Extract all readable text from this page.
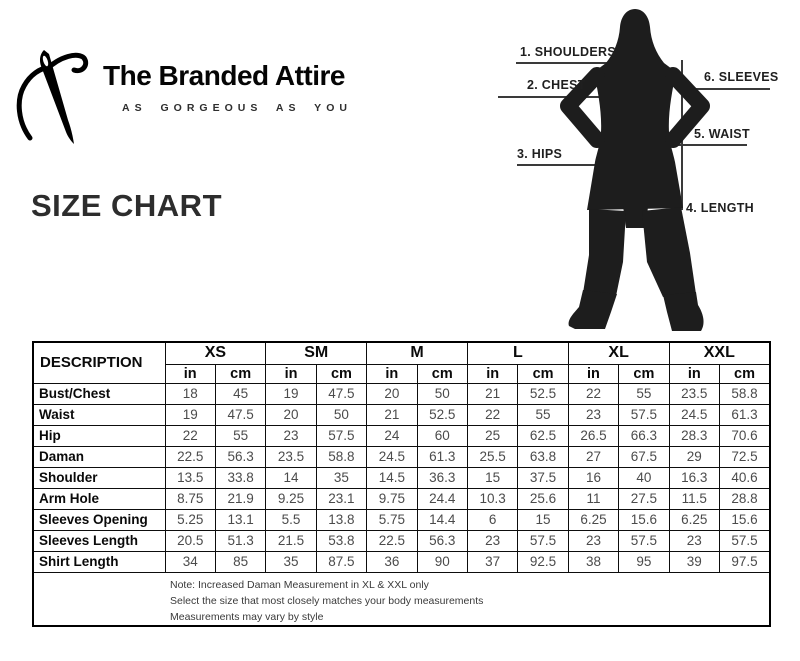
The Branded Attire
AS GORGEOUS AS YOU
SIZE CHART
1. SHOULDERS
2. CHEST
3. HIPS
4. LENGTH
5. WAIST
6. SLEEVES
DESCRIPTION	XS		SM		M		L		XL		XXL	
	in	cm	in	cm	in	cm	in	cm	in	cm	in	cm
Bust/Chest	18	45	19	47.5	20	50	21	52.5	22	55	23.5	58.8
Waist	19	47.5	20	50	21	52.5	22	55	23	57.5	24.5	61.3
Hip	22	55	23	57.5	24	60	25	62.5	26.5	66.3	28.3	70.6
Daman	22.5	56.3	23.5	58.8	24.5	61.3	25.5	63.8	27	67.5	29	72.5
Shoulder	13.5	33.8	14	35	14.5	36.3	15	37.5	16	40	16.3	40.6
Arm Hole	8.75	21.9	9.25	23.1	9.75	24.4	10.3	25.6	11	27.5	11.5	28.8
Sleeves Opening	5.25	13.1	5.5	13.8	5.75	14.4	6	15	6.25	15.6	6.25	15.6
Sleeves Length	20.5	51.3	21.5	53.8	22.5	56.3	23	57.5	23	57.5	23	57.5
Shirt Length	34	85	35	87.5	36	90	37	92.5	38	95	39	97.5

Note: Increased Daman Measurement in XL & XXL only
Select the size that most closely matches your body measurements
Measurements may vary by style												
